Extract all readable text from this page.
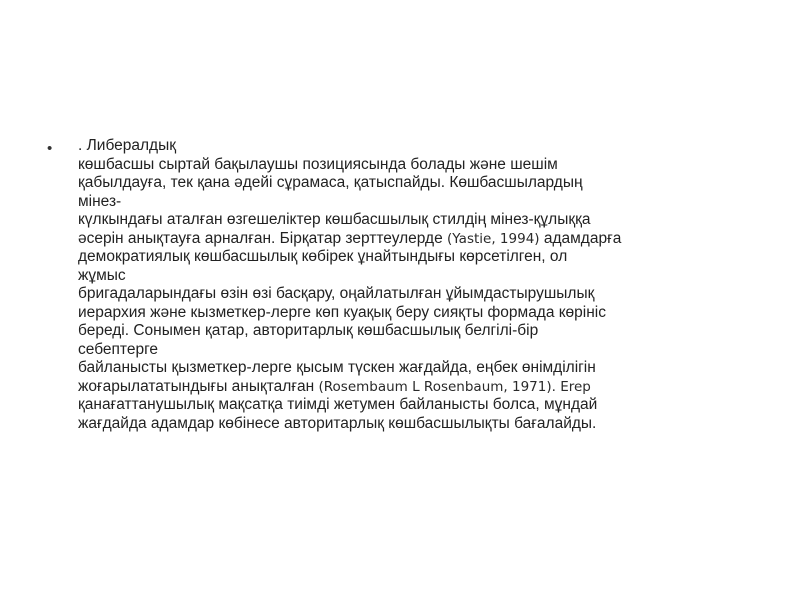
• . Либералдық
көшбасшы сыртай бақылаушы позициясында болады және шешім
қабылдауға, тек қана әдейі сұрамаса, қатыспайды. Көшбасшылардың
мінез-
күлкындағы аталған өзгешеліктер көшбасшылық стилдің мінез-құлыққа
әсерін анықтауға арналған. Бірқатар зерттеулерде (Yastie, 1994) адамдарға
демократиялық көшбасшылық көбірек ұнайтындығы көрсетілген, ол
жұмыс
бригадаларындағы өзін өзі басқару, оңайлатылған ұйымдастырушылық
иерархия және кызметкер-лерге көп куақық беру сияқты формада көрініс
береді. Сонымен қатар, авторитарлық көшбасшылық белгілі-бір
себептерге
байланысты қызметкер-лерге қысым түскен жағдайда, еңбек өнімділігін
жоғарылататындығы анықталған (Rosembaum L Rosenbaum, 1971). Erep
қанағаттанушылық мақсатқа тиімді жетумен байланысты болса, мұндай
жағдайда адамдар көбінесе авторитарлық көшбасшылықты бағалайды.
